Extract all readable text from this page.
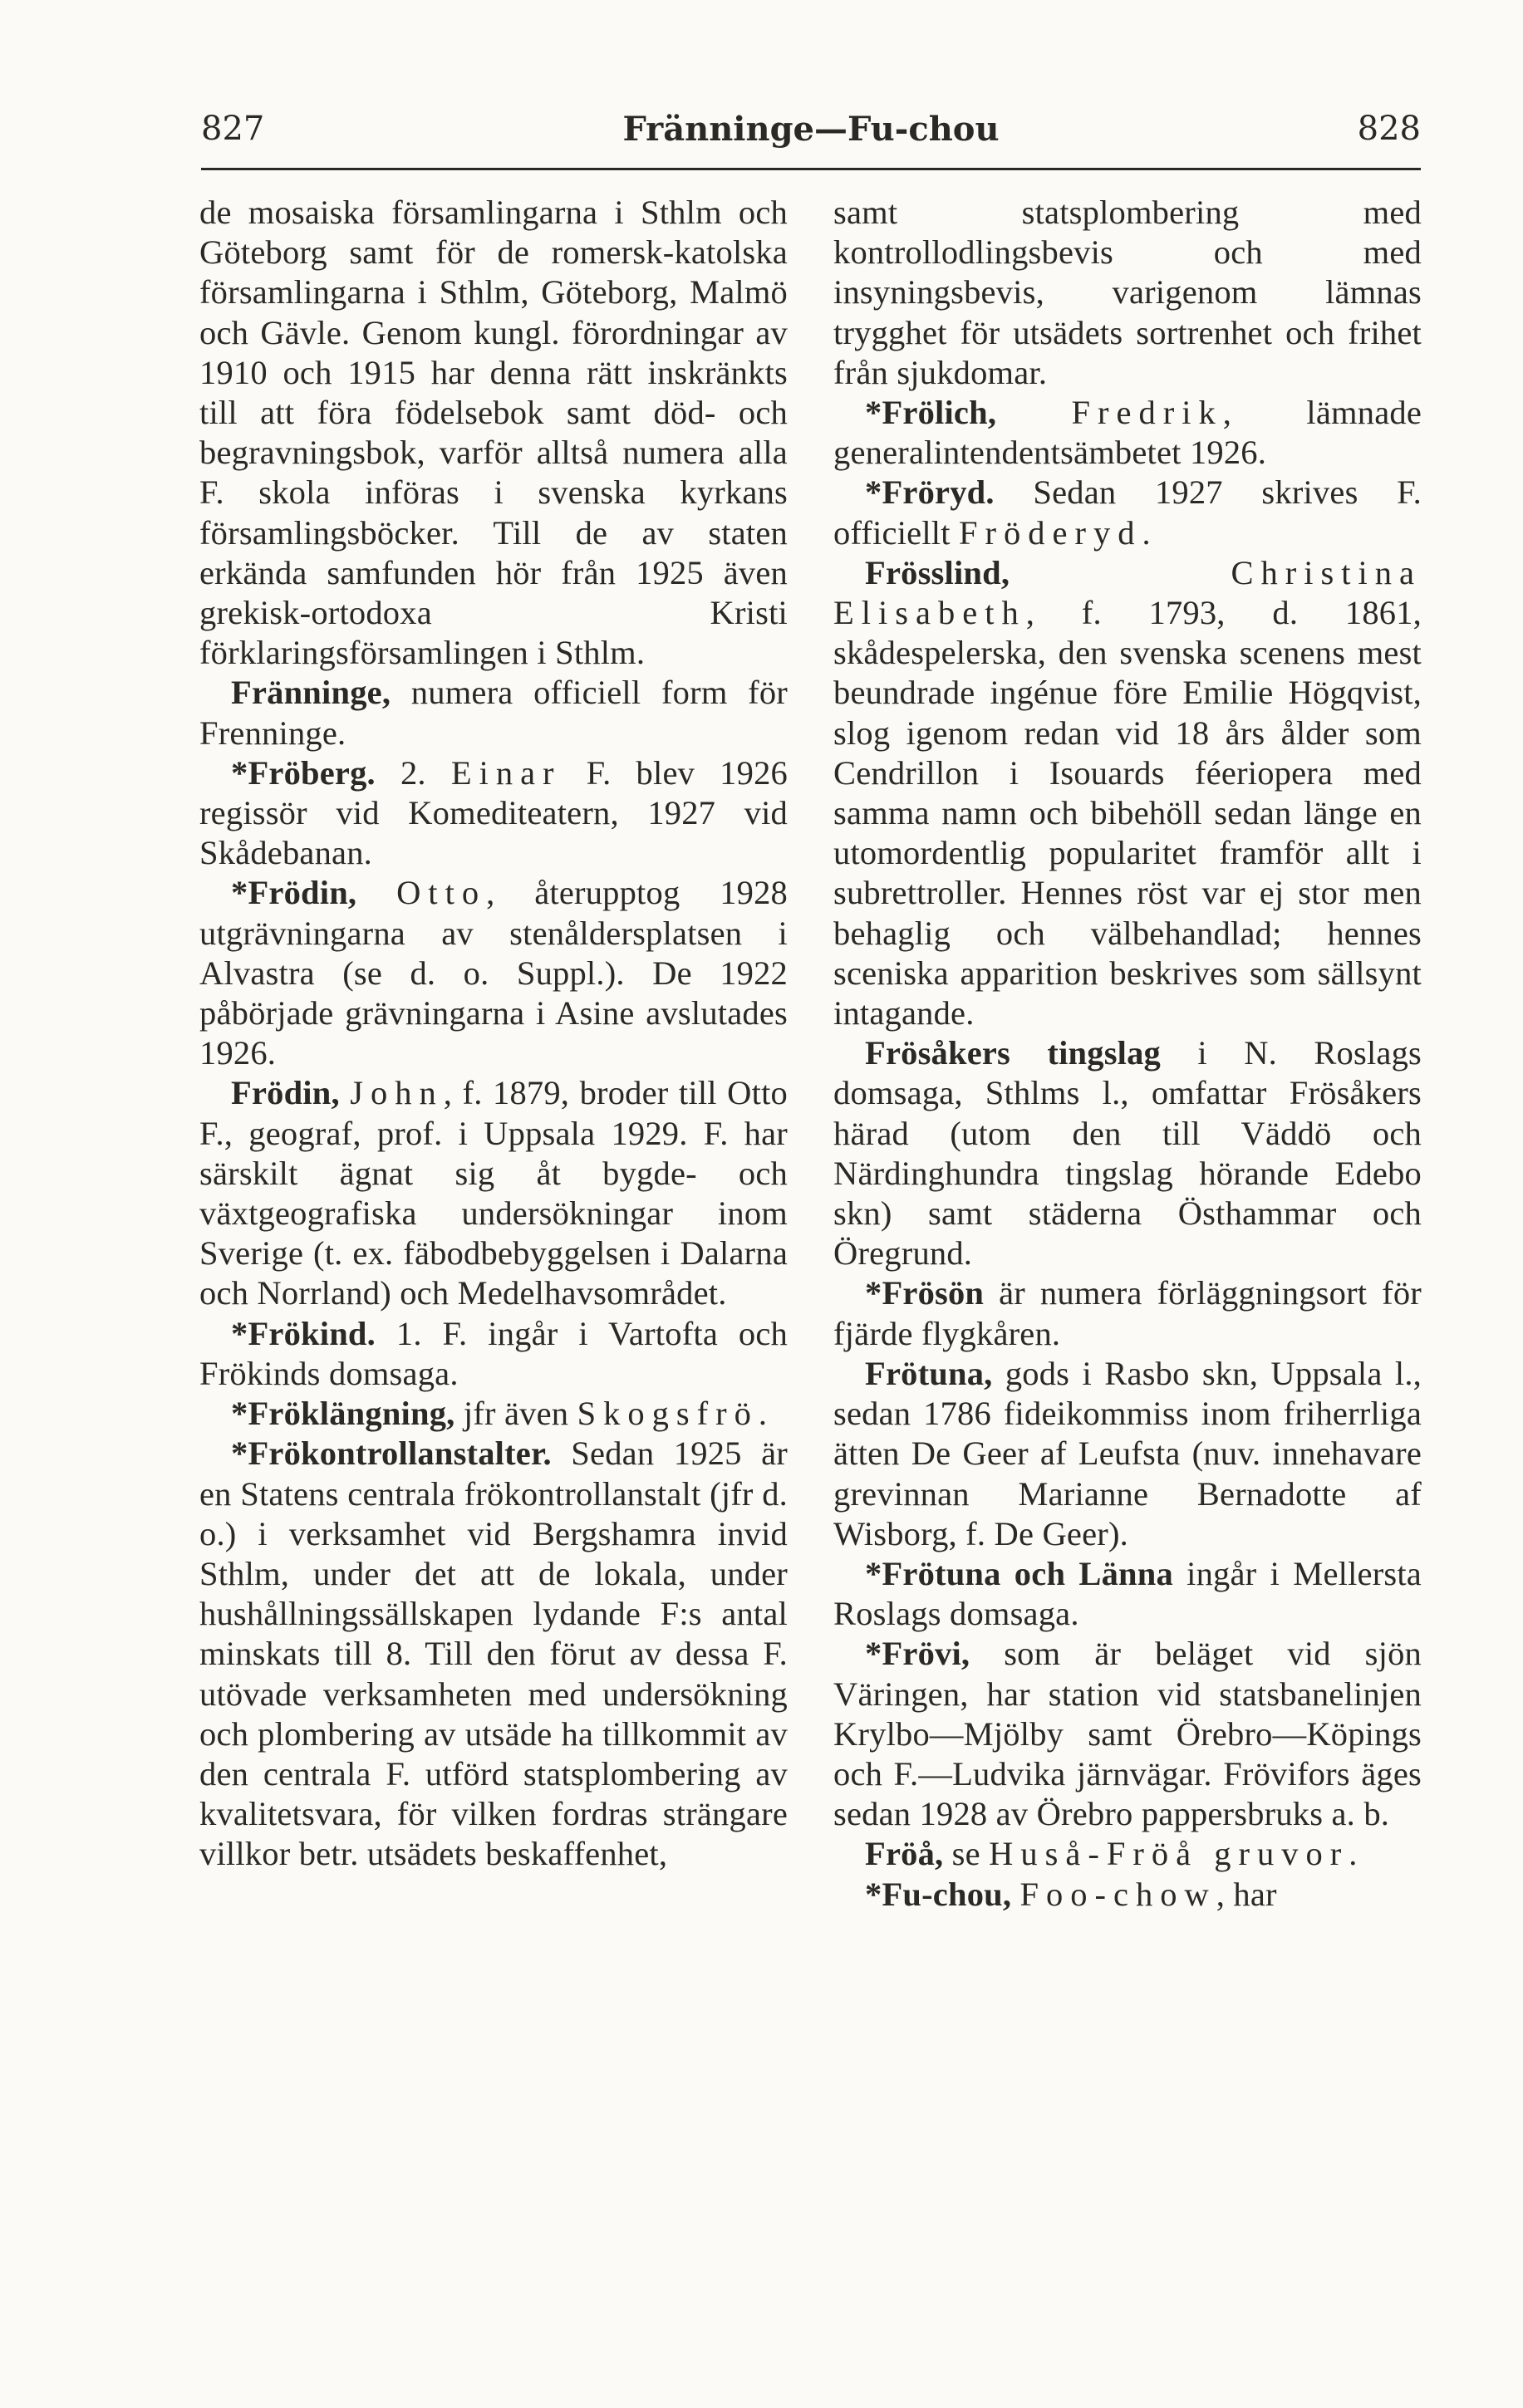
827	Fränninge—Fu-chou	828

de mosaiska församlingarna i Sthlm och Göteborg samt för de romersk-katolska församlingarna i Sthlm, Göteborg, Malmö och Gävle. Genom kungl. förordningar av 1910 och 1915 har denna rätt inskränkts till att föra födelsebok samt död- och begravningsbok, varför alltså numera alla F. skola införas i svenska kyrkans församlingsböcker. Till de av staten erkända samfunden hör från 1925 även grekisk-ortodoxa Kristi förklaringsförsamlingen i Sthlm.

Fränninge, numera officiell form för Frenninge.

*Fröberg. 2. Einar F. blev 1926 regissör vid Komediteatern, 1927 vid Skådebanan.

*Frödin, Otto, återupptog 1928 utgrävningarna av stenåldersplatsen i Alvastra (se d. o. Suppl.). De 1922 påbörjade grävningarna i Asine avslutades 1926.

Frödin, John, f. 1879, broder till Otto F., geograf, prof. i Uppsala 1929. F. har särskilt ägnat sig åt bygde- och växtgeografiska undersökningar inom Sverige (t. ex. fäbodbebyggelsen i Dalarna och Norrland) och Medelhavsområdet.

*Frökind. 1. F. ingår i Vartofta och Frökinds domsaga.

*Fröklängning, jfr även Skogsfrö.

*Frökontrollanstalter. Sedan 1925 är en Statens centrala frökontrollanstalt (jfr d. o.) i verksamhet vid Bergshamra invid Sthlm, under det att de lokala, under hushållningssällskapen lydande F:s antal minskats till 8. Till den förut av dessa F. utövade verksamheten med undersökning och plombering av utsäde ha tillkommit av den centrala F. utförd statsplombering av kvalitetsvara, för vilken fordras strängare villkor betr. utsädets beskaffenhet,

samt statsplombering med kontrollodlingsbevis och med insyningsbevis, varigenom lämnas trygghet för utsädets sortrenhet och frihet från sjukdomar.

*Frölich, Fredrik, lämnade generalintendentsämbetet 1926.

*Fröryd. Sedan 1927 skrives F. officiellt Fröderyd.

Frösslind,	Christina Elisabeth, f. 1793, d. 1861, skådespelerska, den svenska scenens mest beundrade ingénue före Emilie Högqvist, slog igenom redan vid 18 års ålder som Cendrillon i Isouards féeriopera med samma namn och bibehöll sedan länge en utomordentlig popularitet framför allt i subrettroller. Hennes röst var ej stor men behaglig och välbehandlad; hennes sceniska apparition beskrives som sällsynt intagande.

Frösåkers tingslag i N. Roslags domsaga, Sthlms l., omfattar Frösåkers härad (utom den till Väddö och Närdinghundra tingslag hörande Edebo skn) samt städerna Östhammar och Öregrund.

*Frösön är numera förläggningsort för fjärde flygkåren.

Frötuna, gods i Rasbo skn, Uppsala l., sedan 1786 fideikommiss inom friherrliga ätten De Geer af Leufsta (nuv. innehavare grevinnan Marianne Bernadotte af Wisborg, f. De Geer).

*Frötuna och Länna ingår i Mellersta Roslags domsaga.

*Frövi, som är beläget vid sjön Väringen, har station vid statsbanelinjen Krylbo—Mjölby samt Örebro—Köpings och F.—Ludvika järnvägar. Frövifors äges sedan 1928 av Örebro pappersbruks a. b.

Fröå, se Huså-Fröå gruvor.

*Fu-chou, Foo-chow, har
